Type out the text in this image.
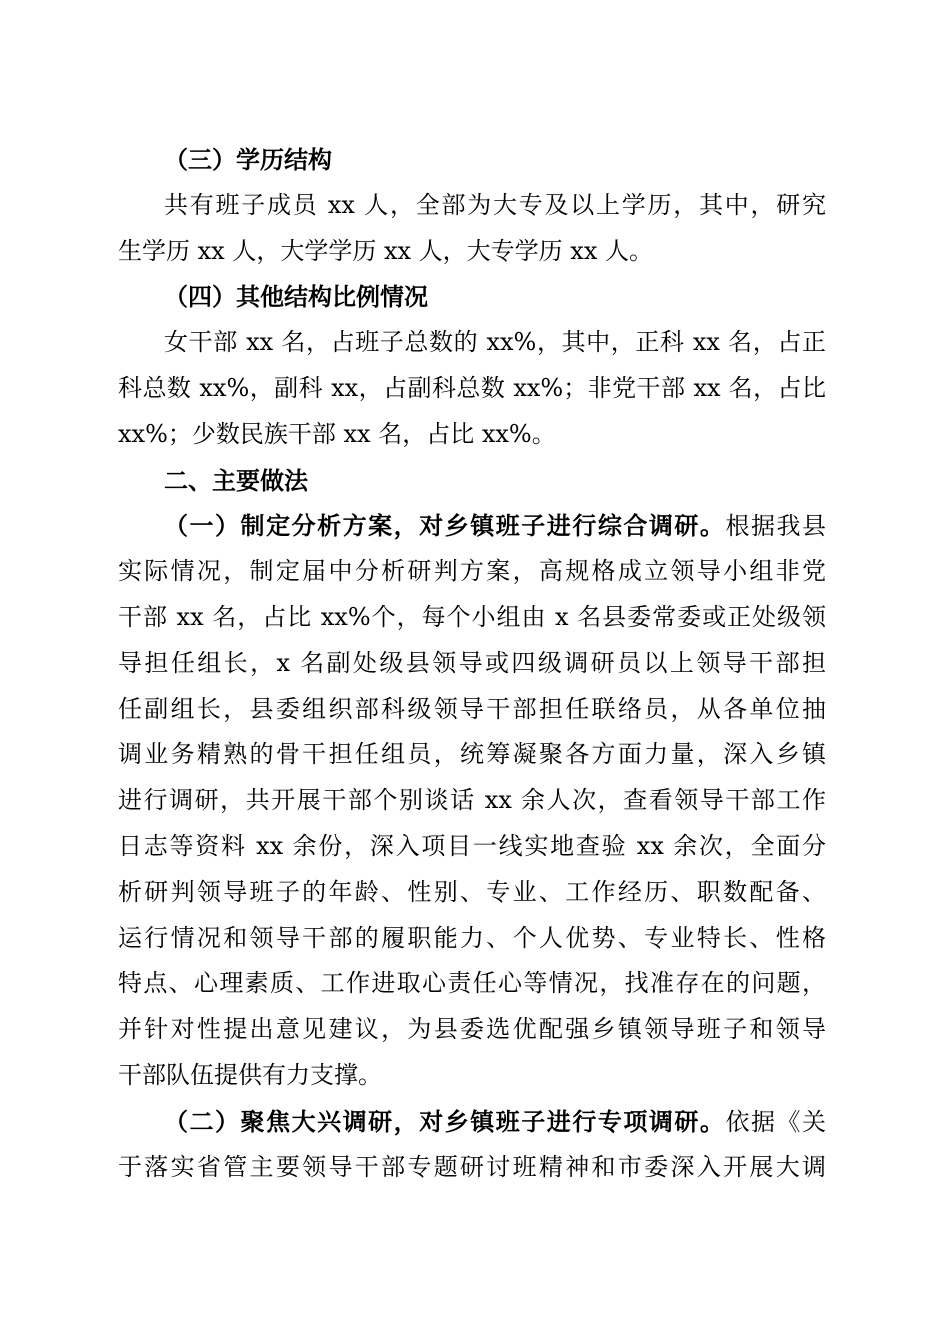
（三）学历结构
共有班子成员 xx 人，全部为大专及以上学历，其中，研究
生学历 xx 人，大学学历 xx 人，大专学历 xx 人。
（四）其他结构比例情况
女干部 xx 名，占班子总数的 xx%，其中，正科 xx 名，占正
科总数 xx%，副科 xx，占副科总数 xx%；非党干部 xx 名，占比
xx%；少数民族干部 xx 名，占比 xx%。
二、主要做法
（一）制定分析方案，对乡镇班子进行综合调研。根据我县
实际情况，制定届中分析研判方案，高规格成立领导小组非党
干部 xx 名，占比 xx%个，每个小组由 x 名县委常委或正处级领
导担任组长，x 名副处级县领导或四级调研员以上领导干部担
任副组长，县委组织部科级领导干部担任联络员，从各单位抽
调业务精熟的骨干担任组员，统筹凝聚各方面力量，深入乡镇
进行调研，共开展干部个别谈话 xx 余人次，查看领导干部工作
日志等资料 xx 余份，深入项目一线实地查验 xx 余次，全面分
析研判领导班子的年龄、性别、专业、工作经历、职数配备、
运行情况和领导干部的履职能力、个人优势、专业特长、性格
特点、心理素质、工作进取心责任心等情况，找准存在的问题，
并针对性提出意见建议，为县委选优配强乡镇领导班子和领导
干部队伍提供有力支撑。
（二）聚焦大兴调研，对乡镇班子进行专项调研。依据《关
于落实省管主要领导干部专题研讨班精神和市委深入开展大调
